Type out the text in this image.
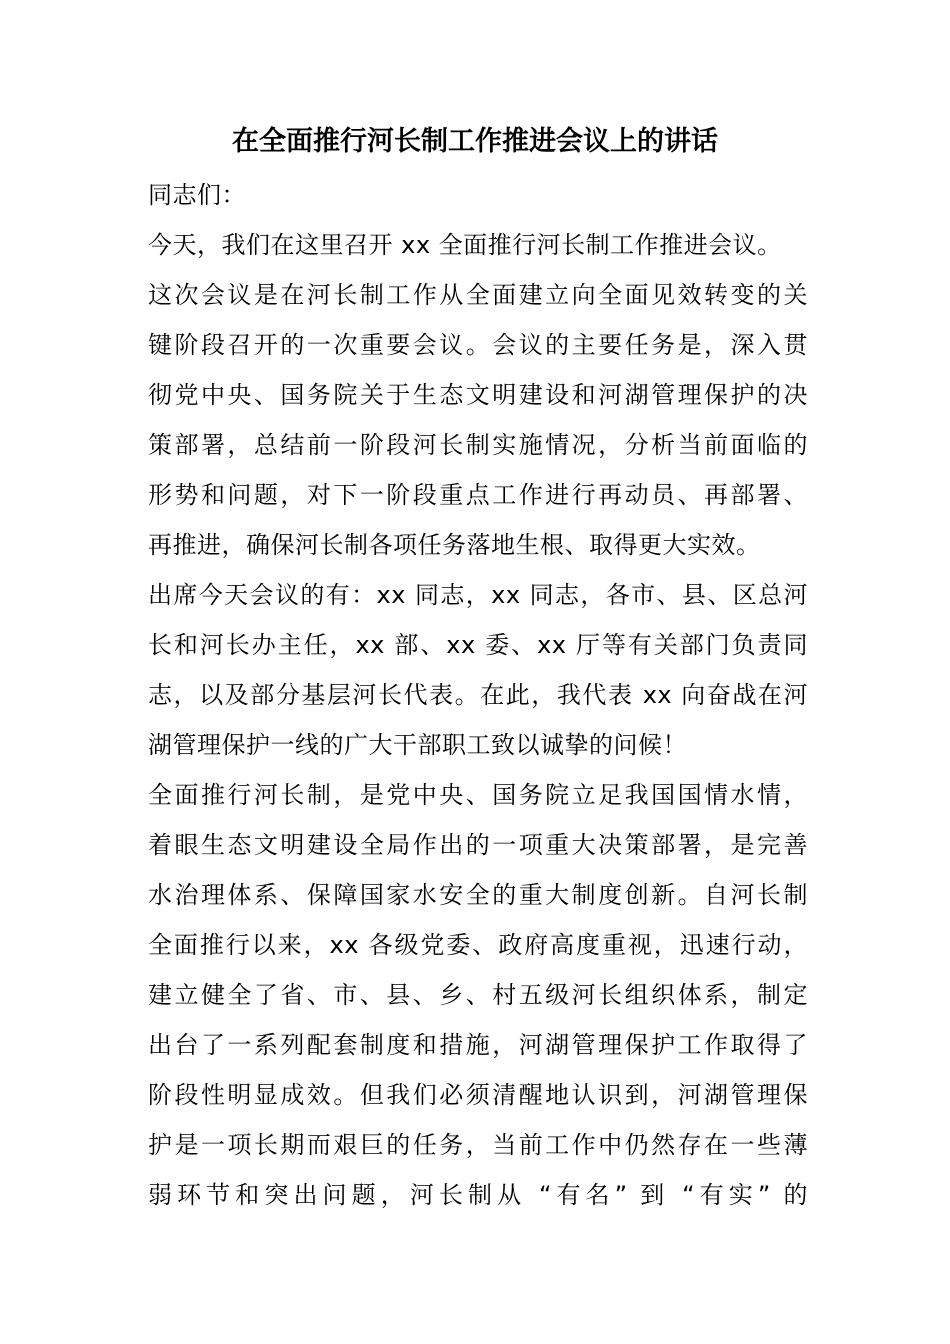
在全面推行河长制工作推进会议上的讲话
同志们：
今天，我们在这里召开 xx 全面推行河长制工作推进会议。
这次会议是在河长制工作从全面建立向全面见效转变的关
键阶段召开的一次重要会议。会议的主要任务是，深入贯
彻党中央、国务院关于生态文明建设和河湖管理保护的决
策部署，总结前一阶段河长制实施情况，分析当前面临的
形势和问题，对下一阶段重点工作进行再动员、再部署、
再推进，确保河长制各项任务落地生根、取得更大实效。
出席今天会议的有：xx 同志，xx 同志，各市、县、区总河
长和河长办主任，xx 部、xx 委、xx 厅等有关部门负责同
志，以及部分基层河长代表。在此，我代表 xx 向奋战在河
湖管理保护一线的广大干部职工致以诚挚的问候！
全面推行河长制，是党中央、国务院立足我国国情水情，
着眼生态文明建设全局作出的一项重大决策部署，是完善
水治理体系、保障国家水安全的重大制度创新。自河长制
全面推行以来，xx 各级党委、政府高度重视，迅速行动，
建立健全了省、市、县、乡、村五级河长组织体系，制定
出台了一系列配套制度和措施，河湖管理保护工作取得了
阶段性明显成效。但我们必须清醒地认识到，河湖管理保
护是一项长期而艰巨的任务，当前工作中仍然存在一些薄
弱环节和突出问题，河长制从 “有名” 到 “有实” 的
